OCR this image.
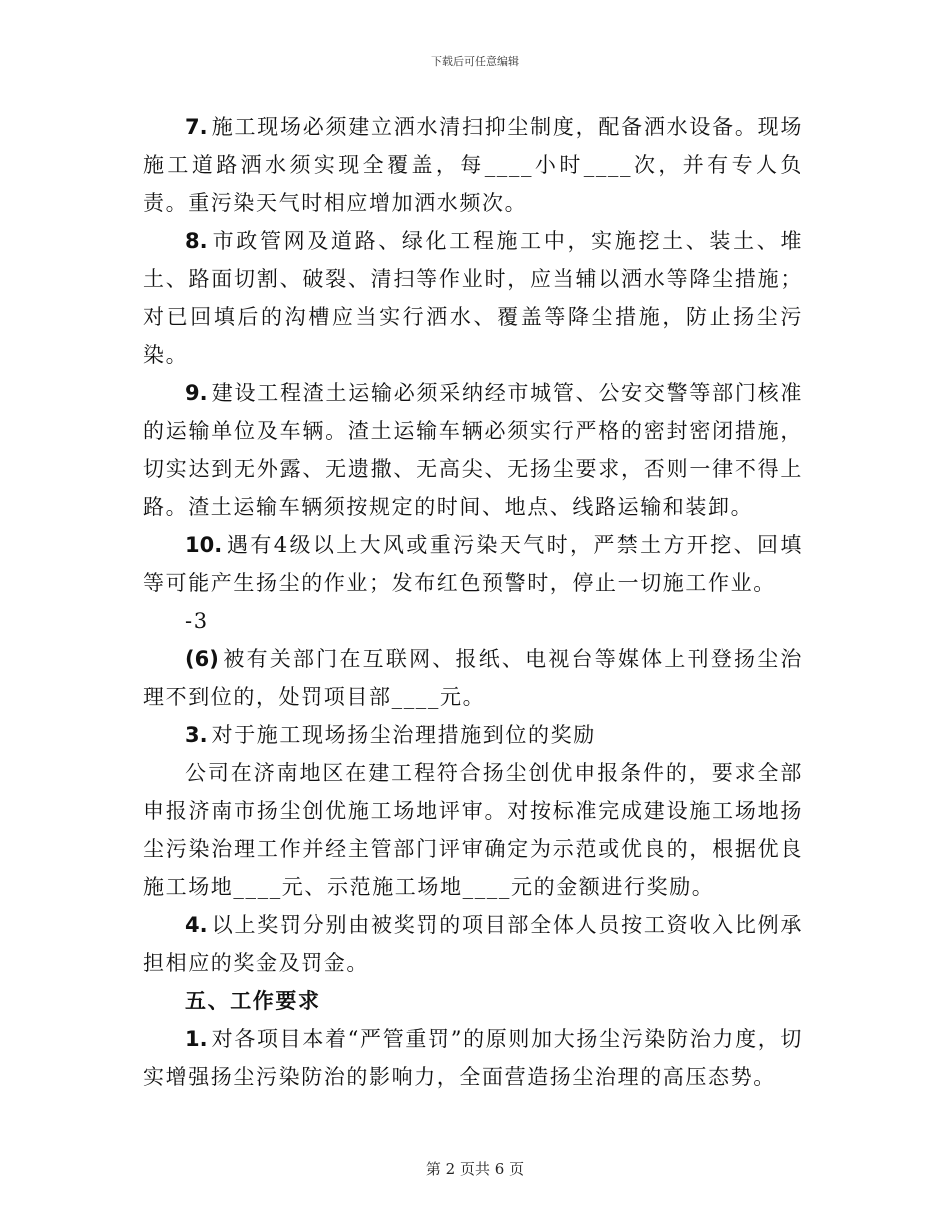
下载后可任意编辑

7. 施工现场必须建立洒水清扫抑尘制度，配备洒水设备。现场施工道路洒水须实现全覆盖，每____小时____次，并有专人负责。重污染天气时相应增加洒水频次。

8. 市政管网及道路、绿化工程施工中，实施挖土、装土、堆土、路面切割、破裂、清扫等作业时，应当辅以洒水等降尘措施；对已回填后的沟槽应当实行洒水、覆盖等降尘措施，防止扬尘污染。

9. 建设工程渣土运输必须采纳经市城管、公安交警等部门核准的运输单位及车辆。渣土运输车辆必须实行严格的密封密闭措施，切实达到无外露、无遗撒、无高尖、无扬尘要求，否则一律不得上路。渣土运输车辆须按规定的时间、地点、线路运输和装卸。

10. 遇有4级以上大风或重污染天气时，严禁土方开挖、回填等可能产生扬尘的作业；发布红色预警时，停止一切施工作业。

-3

(6) 被有关部门在互联网、报纸、电视台等媒体上刊登扬尘治理不到位的，处罚项目部____元。

3. 对于施工现场扬尘治理措施到位的奖励

公司在济南地区在建工程符合扬尘创优申报条件的，要求全部申报济南市扬尘创优施工场地评审。对按标准完成建设施工场地扬尘污染治理工作并经主管部门评审确定为示范或优良的，根据优良施工场地____元、示范施工场地____元的金额进行奖励。

4. 以上奖罚分别由被奖罚的项目部全体人员按工资收入比例承担相应的奖金及罚金。

五、工作要求

1. 对各项目本着“严管重罚”的原则加大扬尘污染防治力度，切实增强扬尘污染防治的影响力，全面营造扬尘治理的高压态势。

第 2 页共 6 页
